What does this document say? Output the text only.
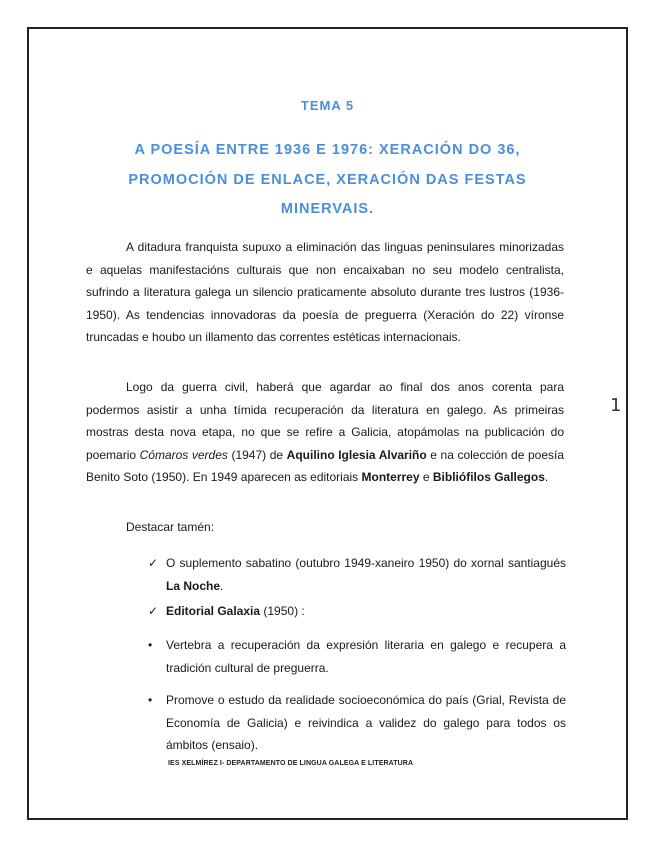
TEMA 5
A POESÍA ENTRE 1936 E 1976: XERACIÓN DO 36,
PROMOCIÓN DE ENLACE, XERACIÓN DAS FESTAS
MINERVAIS.

A ditadura franquista supuxo a eliminación das linguas peninsulares minorizadas e aquelas manifestacións culturais que non encaixaban no seu modelo centralista, sufrindo a literatura galega un silencio praticamente absoluto durante tres lustros (1936-1950). As tendencias innovadoras da poesía de preguerra (Xeración do 22) víronse truncadas e houbo un illamento das correntes estéticas internacionais.

Logo da guerra civil, haberá que agardar ao final dos anos corenta para podermos asistir a unha tímida recuperación da literatura en galego. As primeiras mostras desta nova etapa, no que se refire a Galicia, atopámolas na publicación do poemario Cómaros verdes (1947) de Aquilino Iglesia Alvariño e na colección de poesía Benito Soto (1950). En 1949 aparecen as editoriais Monterrey e Bibliófilos Gallegos.

Destacar tamén:

✓ O suplemento sabatino (outubro 1949-xaneiro 1950) do xornal santiagués La Noche.
✓ Editorial Galaxia (1950) :
•	Vertebra a recuperación da expresión literaria en galego e recupera a tradición cultural de preguerra.
•	Promove o estudo da realidade socioeconómica do país (Grial, Revista de Economía de Galicia) e reivindica a validez do galego para todos os ámbitos (ensaio).
IES XELMÍREZ I- DEPARTAMENTO DE LINGUA GALEGA E LITERATURA
1
